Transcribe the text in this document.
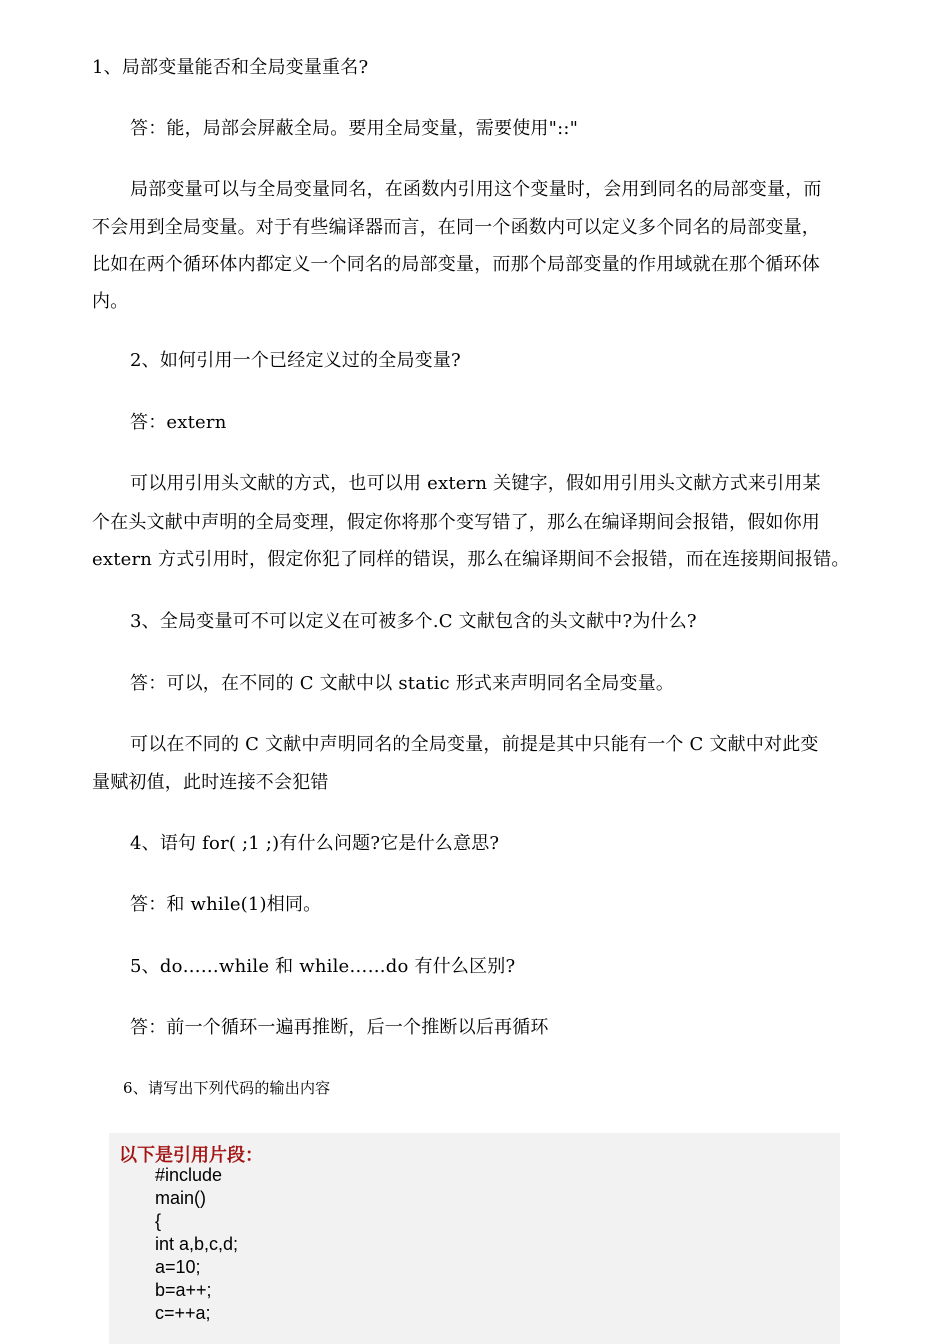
1、局部变量能否和全局变量重名?
答：能，局部会屏蔽全局。要用全局变量，需要使用"::"
局部变量可以与全局变量同名，在函数内引用这个变量时，会用到同名的局部变量，而
不会用到全局变量。对于有些编译器而言，在同一个函数内可以定义多个同名的局部变量，
比如在两个循环体内都定义一个同名的局部变量，而那个局部变量的作用域就在那个循环体
内。
2、如何引用一个已经定义过的全局变量?
答：extern
可以用引用头文献的方式，也可以用 extern 关键字，假如用引用头文献方式来引用某
个在头文献中声明的全局变理，假定你将那个变写错了，那么在编译期间会报错，假如你用
extern 方式引用时，假定你犯了同样的错误，那么在编译期间不会报错，而在连接期间报错。
3、全局变量可不可以定义在可被多个.C 文献包含的头文献中?为什么?
答：可以，在不同的 C 文献中以 static 形式来声明同名全局变量。
可以在不同的 C 文献中声明同名的全局变量，前提是其中只能有一个 C 文献中对此变
量赋初值，此时连接不会犯错
4、语句 for( ;1 ;)有什么问题?它是什么意思?
答：和 while(1)相同。
5、do……while 和 while……do 有什么区别?
答：前一个循环一遍再推断，后一个推断以后再循环
6、请写出下列代码的输出内容
以下是引用片段：
#include
main()
{
int a,b,c,d;
a=10;
b=a++;
c=++a;
